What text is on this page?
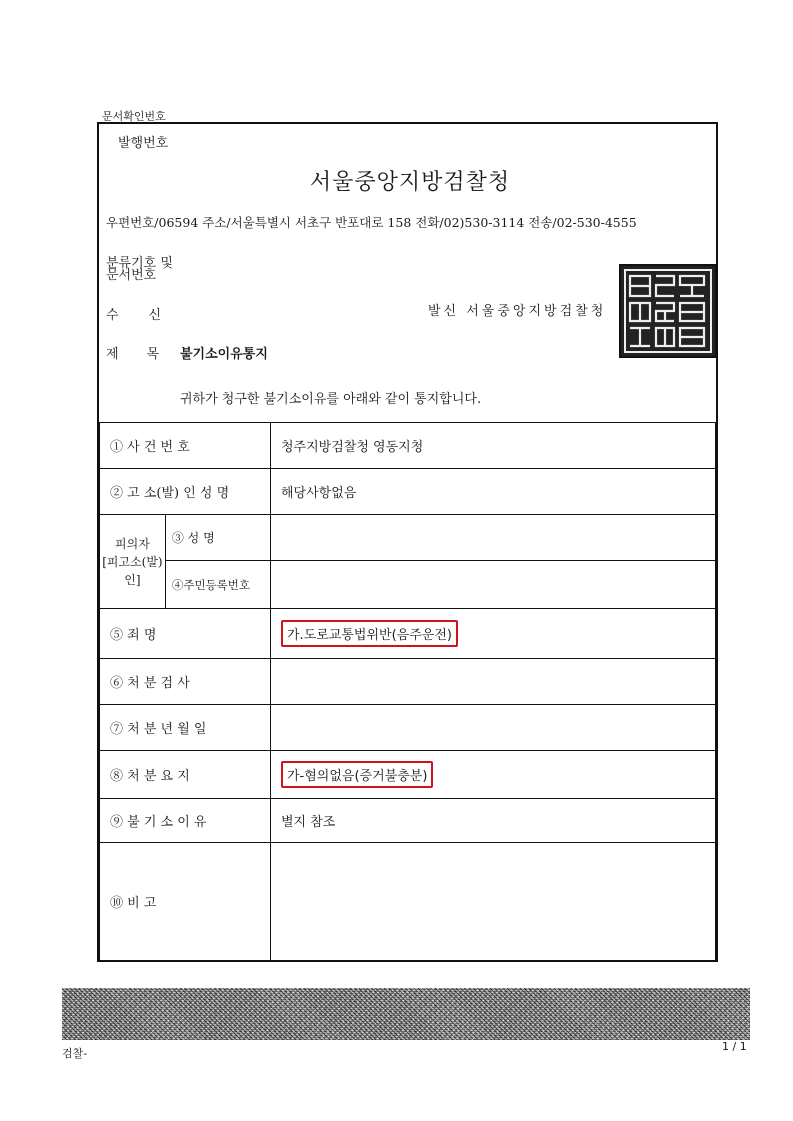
문서확인번호
발행번호
서울중앙지방검찰청
우편번호/06594 주소/서울특별시 서초구 반포대로 158 전화/02)530-3114 전송/02-530-4555
분류기호 및
문서번호
수신	발신 서울중앙지방검찰청
제목
불기소이유통지
귀하가 청구한 불기소이유를 아래와 같이 통지합니다.
① 사 건 번 호		청주지방검찰청 영동지청
② 고 소(발) 인 성 명		해당사항없음

피의자
[피고소(발)인]	③ 성 명	
	④주민등록번호	
⑤ 죄 명		가.도로교통법위반(음주운전)
⑥ 처 분 검 사		
⑦ 처 분 년 월 일		
⑧ 처 분 요 지		가-혐의없음(증거불충분)
⑨ 불 기 소 이 유		별지 참조
⑩ 비 고		
검찰-
1 / 1
